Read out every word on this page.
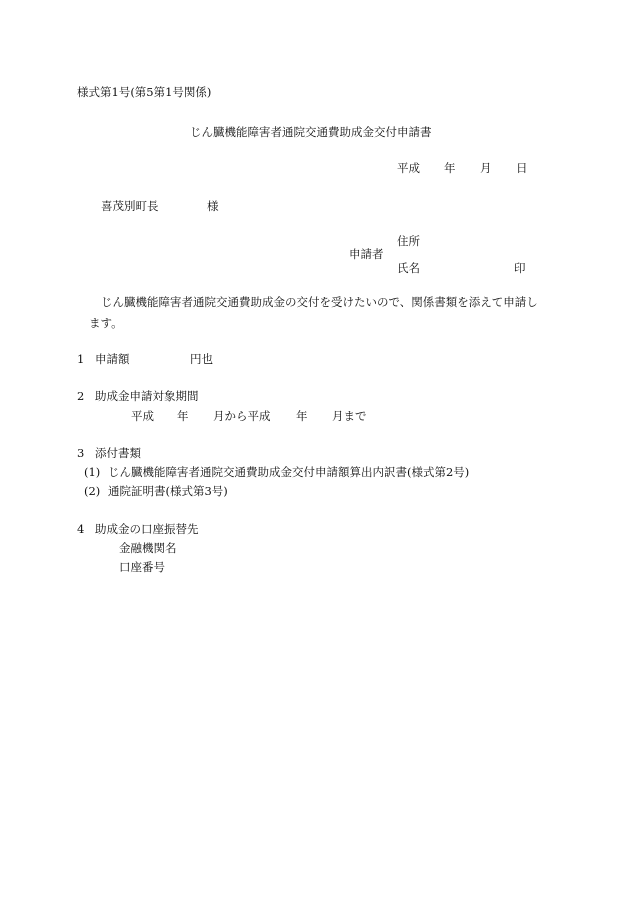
様式第1号(第5第1号関係)
じん臓機能障害者通院交通費助成金交付申請書
平成 年 月 日
喜茂別町長	様
住所
申請者
氏名	印
じん臓機能障害者通院交通費助成金の交付を受けたいので、関係書類を添えて申請し
ます。
1 申請額	円也
2 助成金申請対象期間
平成 年 月から平成 年 月まで
3 添付書類
(1) じん臓機能障害者通院交通費助成金交付申請額算出内訳書(様式第2号)
(2) 通院証明書(様式第3号)
4 助成金の口座振替先
金融機関名
口座番号
